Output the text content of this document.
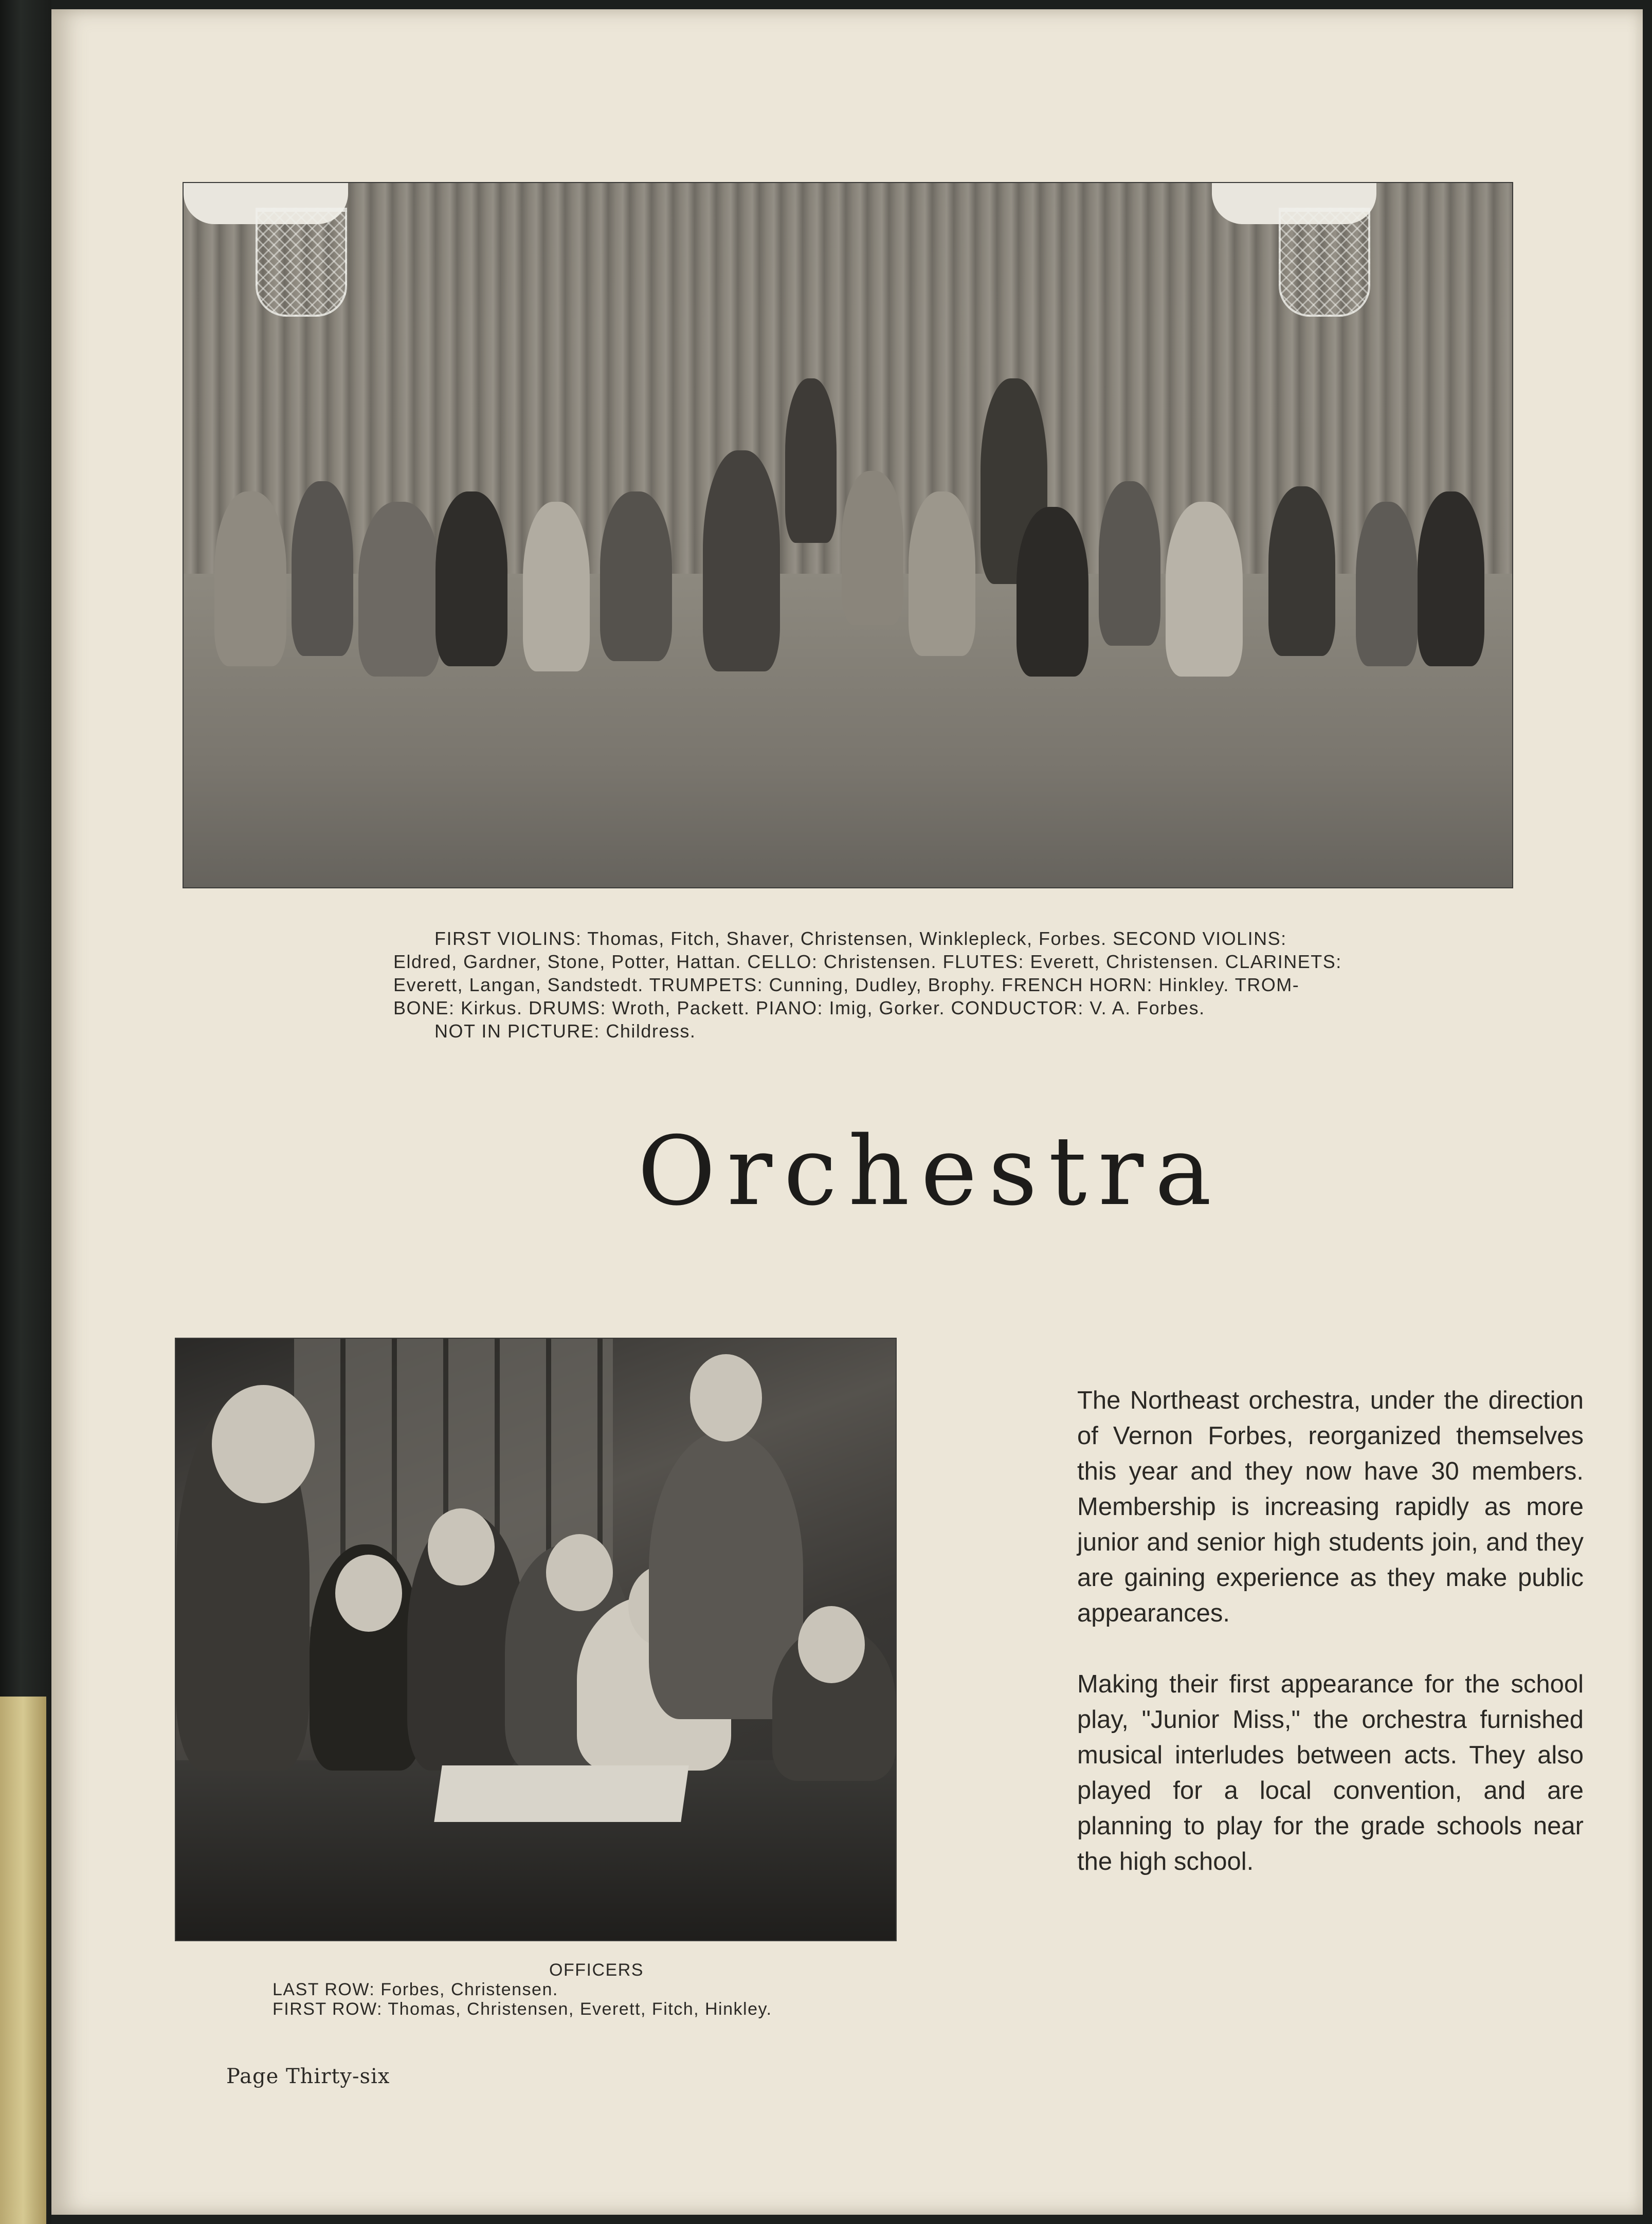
FIRST VIOLINS: Thomas, Fitch, Shaver, Christensen, Winklepleck, Forbes. SECOND VIOLINS:

Eldred, Gardner, Stone, Potter, Hattan. CELLO: Christensen. FLUTES: Everett, Christensen. CLARINETS:

Everett, Langan, Sandstedt. TRUMPETS: Cunning, Dudley, Brophy. FRENCH HORN: Hinkley. TROM-

BONE: Kirkus. DRUMS: Wroth, Packett. PIANO: Imig, Gorker. CONDUCTOR: V. A. Forbes.

NOT IN PICTURE: Childress.

Orchestra

The Northeast orchestra, under the direction of Vernon Forbes, reorganized themselves this year and they now have 30 members. Membership is increasing rapidly as more junior and senior high students join, and they are gaining experience as they make public appearances.

Making their first appearance for the school play, "Junior Miss," the orchestra furnished musical interludes between acts. They also played for a local convention, and are planning to play for the grade schools near the high school.

OFFICERS
LAST ROW: Forbes, Christensen.
FIRST ROW: Thomas, Christensen, Everett, Fitch, Hinkley.
Page Thirty-six
